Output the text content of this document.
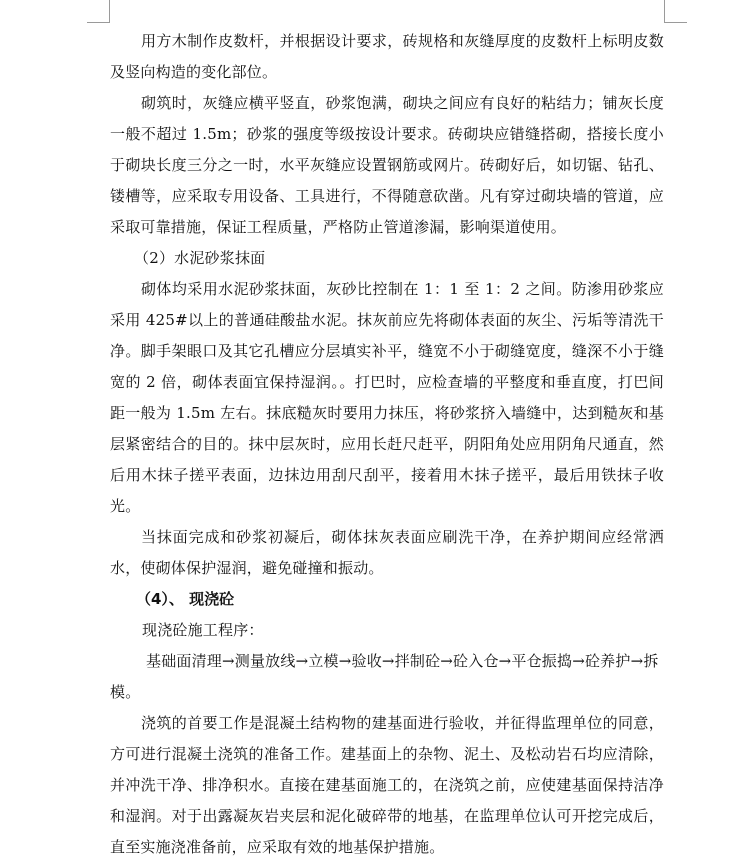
用方木制作皮数杆，并根据设计要求，砖规格和灰缝厚度的皮数杆上标明皮数及竖向构造的变化部位。

砌筑时，灰缝应横平竖直，砂浆饱满，砌块之间应有良好的粘结力；铺灰长度一般不超过 1.5m；砂浆的强度等级按设计要求。砖砌块应错缝搭砌，搭接长度小于砌块长度三分之一时，水平灰缝应设置钢筋或网片。砖砌好后，如切锯、钻孔、镂槽等，应采取专用设备、工具进行，不得随意砍凿。凡有穿过砌块墙的管道，应采取可靠措施，保证工程质量，严格防止管道渗漏，影响渠道使用。

（2）水泥砂浆抹面

砌体均采用水泥砂浆抹面，灰砂比控制在 1：1 至 1：2 之间。防渗用砂浆应采用 425#以上的普通硅酸盐水泥。抹灰前应先将砌体表面的灰尘、污垢等清洗干净。脚手架眼口及其它孔槽应分层填实补平，缝宽不小于砌缝宽度，缝深不小于缝宽的 2 倍，砌体表面宜保持湿润。。打巴时，应检查墙的平整度和垂直度，打巴间距一般为 1.5m 左右。抹底糙灰时要用力抹压，将砂浆挤入墙缝中，达到糙灰和基层紧密结合的目的。抹中层灰时，应用长赶尺赶平，阴阳角处应用阴角尺通直，然后用木抹子搓平表面，边抹边用刮尺刮平，接着用木抹子搓平，最后用铁抹子收光。

当抹面完成和砂浆初凝后，砌体抹灰表面应刷洗干净，在养护期间应经常洒水，使砌体保护湿润，避免碰撞和振动。

（4）、 现浇砼

现浇砼施工程序：

基础面清理→测量放线→立模→验收→拌制砼→砼入仓→平仓振捣→砼养护→拆模。

浇筑的首要工作是混凝土结构物的建基面进行验收，并征得监理单位的同意，方可进行混凝土浇筑的准备工作。建基面上的杂物、泥土、及松动岩石均应清除，并冲洗干净、排净积水。直接在建基面施工的，在浇筑之前，应使建基面保持洁净和湿润。对于出露凝灰岩夹层和泥化破碎带的地基，在监理单位认可开挖完成后，直至实施浇准备前，应采取有效的地基保护措施。
